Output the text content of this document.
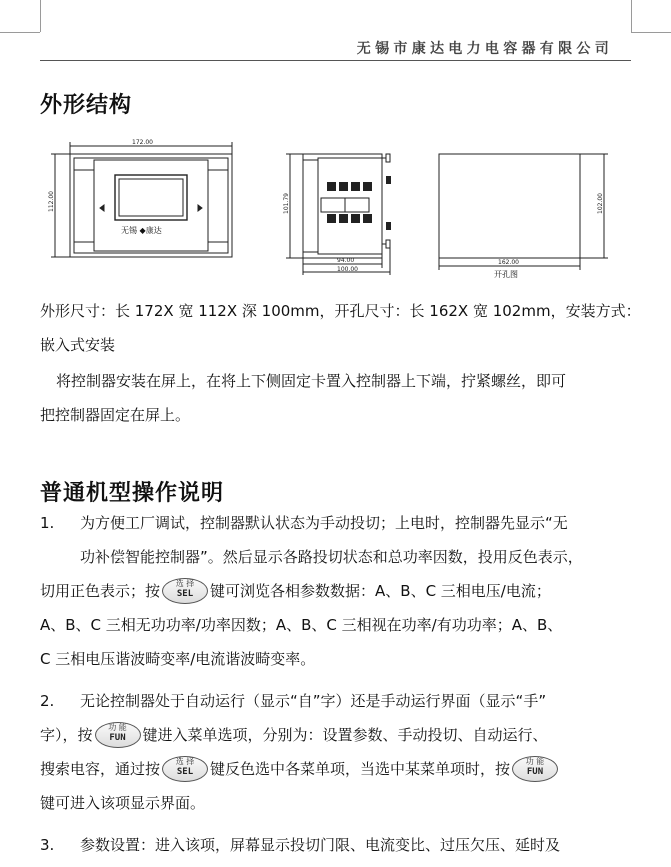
无锡市康达电力电容器有限公司
外形结构
172.00
112.00
无锡 ◆康达
101.79
94.00
100.00
102.00
162.00
开孔图
外形尺寸：长 172X 宽 112X 深 100mm，开孔尺寸：长 162X 宽 102mm，安装方式：
嵌入式安装
将控制器安装在屏上，在将上下侧固定卡置入控制器上下端，拧紧螺丝，即可
把控制器固定在屏上。
普通机型操作说明
1. 为方便工厂调试，控制器默认状态为手动投切；上电时，控制器先显示“无
功补偿智能控制器”。然后显示各路投切状态和总功率因数，投用反色表示，
切用正色表示；按	选 择
SEL	键可浏览各相参数数据：A、B、C 三相电压/电流；
A、B、C 三相无功功率/功率因数；A、B、C 三相视在功率/有功功率；A、B、
C 三相电压谐波畸变率/电流谐波畸变率。
2. 无论控制器处于自动运行（显示“自”字）还是手动运行界面（显示“手”
字），按	功 能
FUN	键进入菜单选项，分别为：设置参数、手动投切、自动运行、
搜索电容，通过按	选 择
SEL	键反色选中各菜单项，当选中某菜单项时，按	功 能
FUN
键可进入该项显示界面。
3. 参数设置：进入该项，屏幕显示投切门限、电流变比、过压欠压、延时及
